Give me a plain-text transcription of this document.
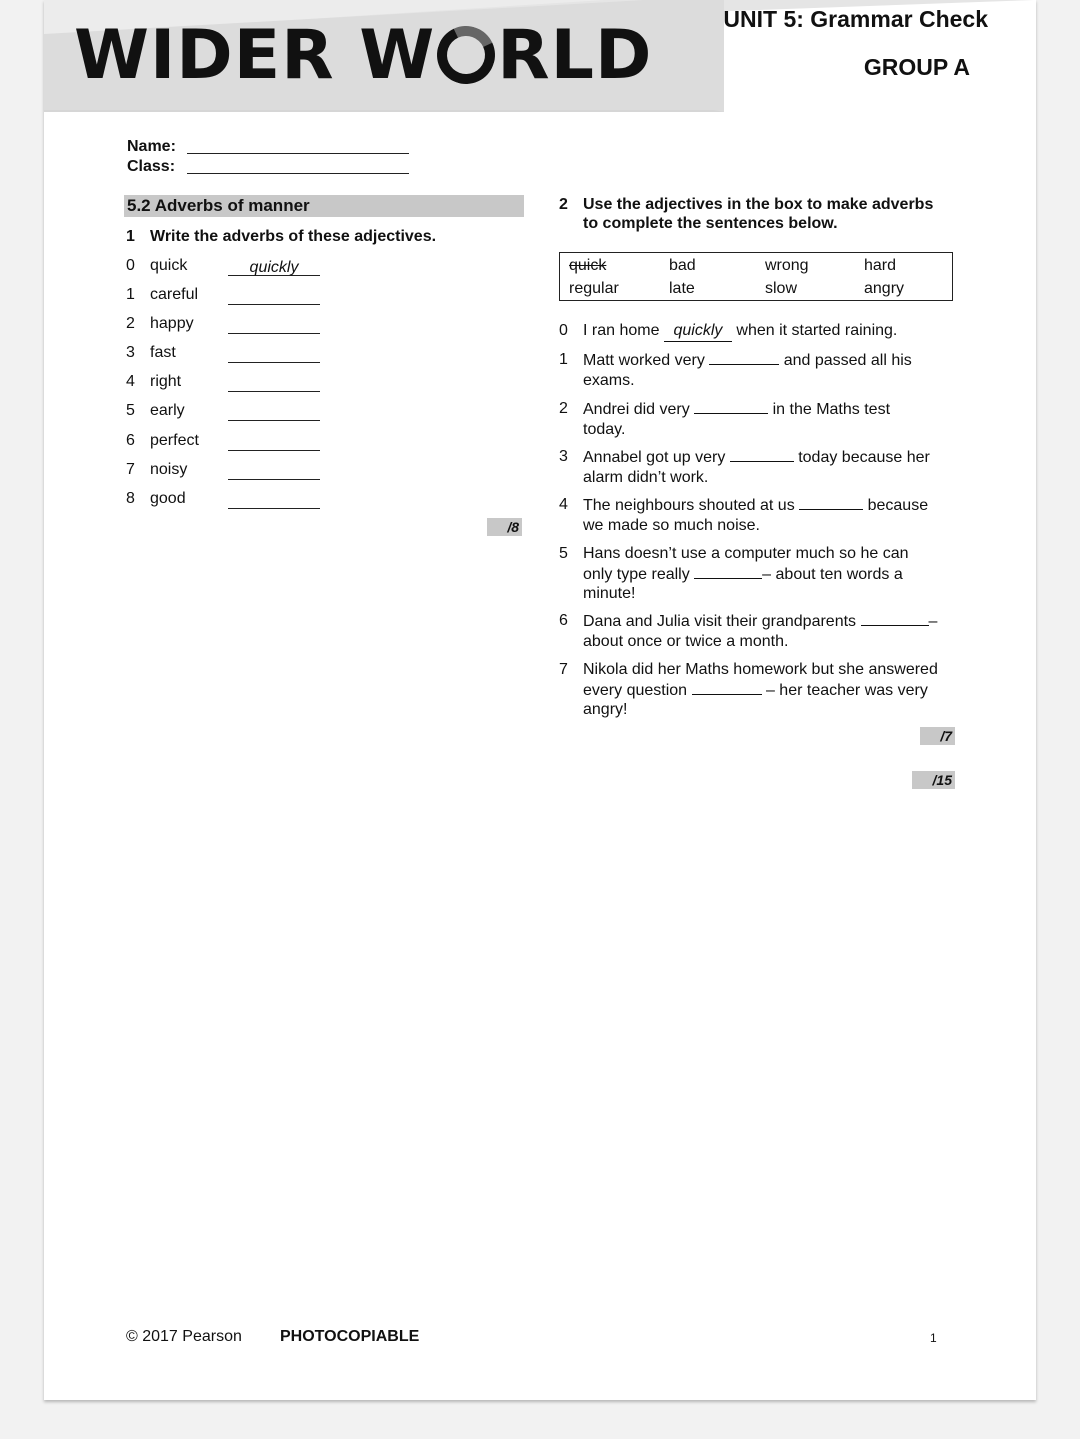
WIDER W RLD	UNIT 5: Grammar Check
GROUP A
Name:
Class:
5.2 Adverbs of manner
1 Write the adverbs of these adjectives.
0 quick	quickly
1 careful
2 happy
3 fast
4 right
5 early
6 perfect
7 noisy
8 good
/8
2 Use the adjectives in the box to make adverbs
to complete the sentences below.
quick	bad	wrong	hard
regular	late	slow	angry
0 I ran home quickly when it started raining.
1 Matt worked very	and passed all his
exams.
2 Andrei did very	in the Maths test
today.
3 Annabel got up very	today because her
alarm didn’t work.
4 The neighbours shouted at us	because
we made so much noise.
5 Hans doesn’t use a computer much so he can
only type really	– about ten words a
minute!
6 Dana and Julia visit their grandparents	–
about once or twice a month.
7 Nikola did her Maths homework but she answered
every question	– her teacher was very
angry!
/7
/15
© 2017 Pearson PHOTOCOPIABLE	1
